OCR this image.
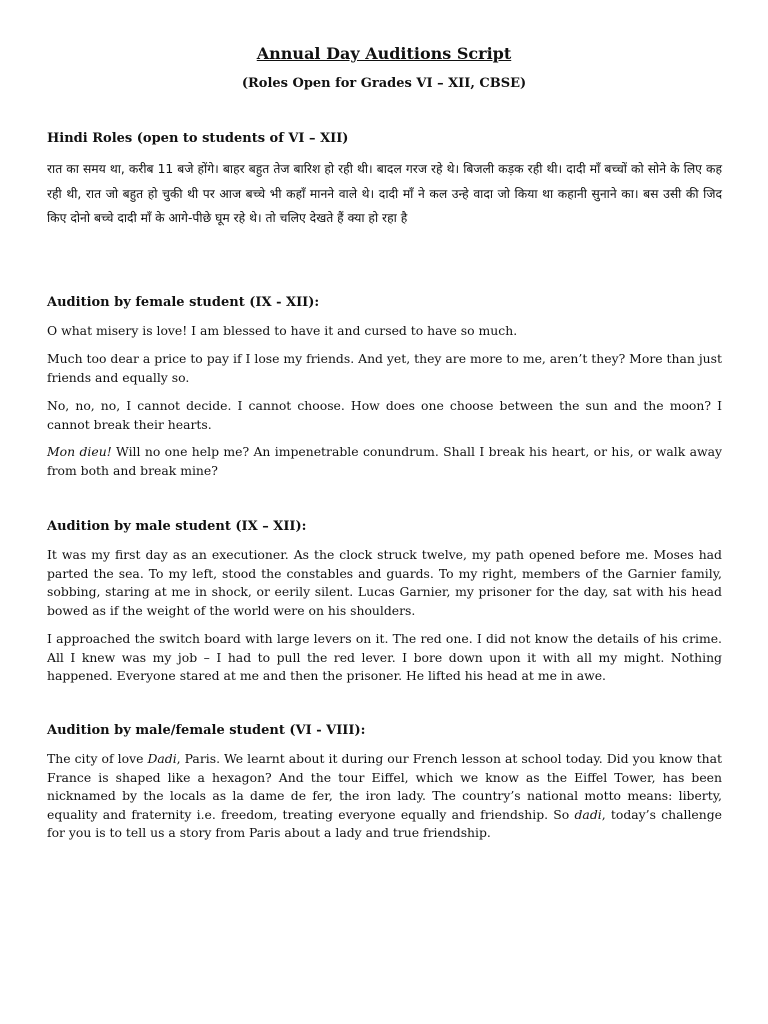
Annual Day Auditions Script
(Roles Open for Grades VI – XII, CBSE)
Hindi Roles (open to students of VI – XII)
रात का समय था, करीब 11 बजे होंगे। बाहर बहुत तेज बारिश हो रही थी। बादल गरज रहे थे। बिजली कड़क रही थी। दादी माँ बच्चों को सोने के लिए कह रही थी, रात जो बहुत हो चुकी थी पर आज बच्चे भी कहाँ मानने वाले थे। दादी माँ ने कल उन्हे वादा जो किया था कहानी सुनाने का। बस उसी की जिद किए दोनो बच्चे दादी माँ के आगे-पीछे घूम रहे थे। तो चलिए देखते हैं क्या हो रहा है
Audition by female student (IX - XII):
O what misery is love! I am blessed to have it and cursed to have so much.
Much too dear a price to pay if I lose my friends. And yet, they are more to me, aren’t they? More than just friends and equally so.
No, no, no, I cannot decide. I cannot choose. How does one choose between the sun and the moon? I cannot break their hearts.
Mon dieu! Will no one help me? An impenetrable conundrum. Shall I break his heart, or his, or walk away from both and break mine?
Audition by male student (IX – XII):
It was my first day as an executioner. As the clock struck twelve, my path opened before me. Moses had parted the sea. To my left, stood the constables and guards. To my right, members of the Garnier family, sobbing, staring at me in shock, or eerily silent. Lucas Garnier, my prisoner for the day, sat with his head bowed as if the weight of the world were on his shoulders.
I approached the switch board with large levers on it. The red one. I did not know the details of his crime. All I knew was my job – I had to pull the red lever. I bore down upon it with all my might. Nothing happened. Everyone stared at me and then the prisoner. He lifted his head at me in awe.
Audition by male/female student (VI - VIII):
The city of love Dadi, Paris. We learnt about it during our French lesson at school today. Did you know that France is shaped like a hexagon? And the tour Eiffel, which we know as the Eiffel Tower, has been nicknamed by the locals as la dame de fer, the iron lady. The country’s national motto means: liberty, equality and fraternity i.e. freedom, treating everyone equally and friendship. So dadi, today’s challenge for you is to tell us a story from Paris about a lady and true friendship.
